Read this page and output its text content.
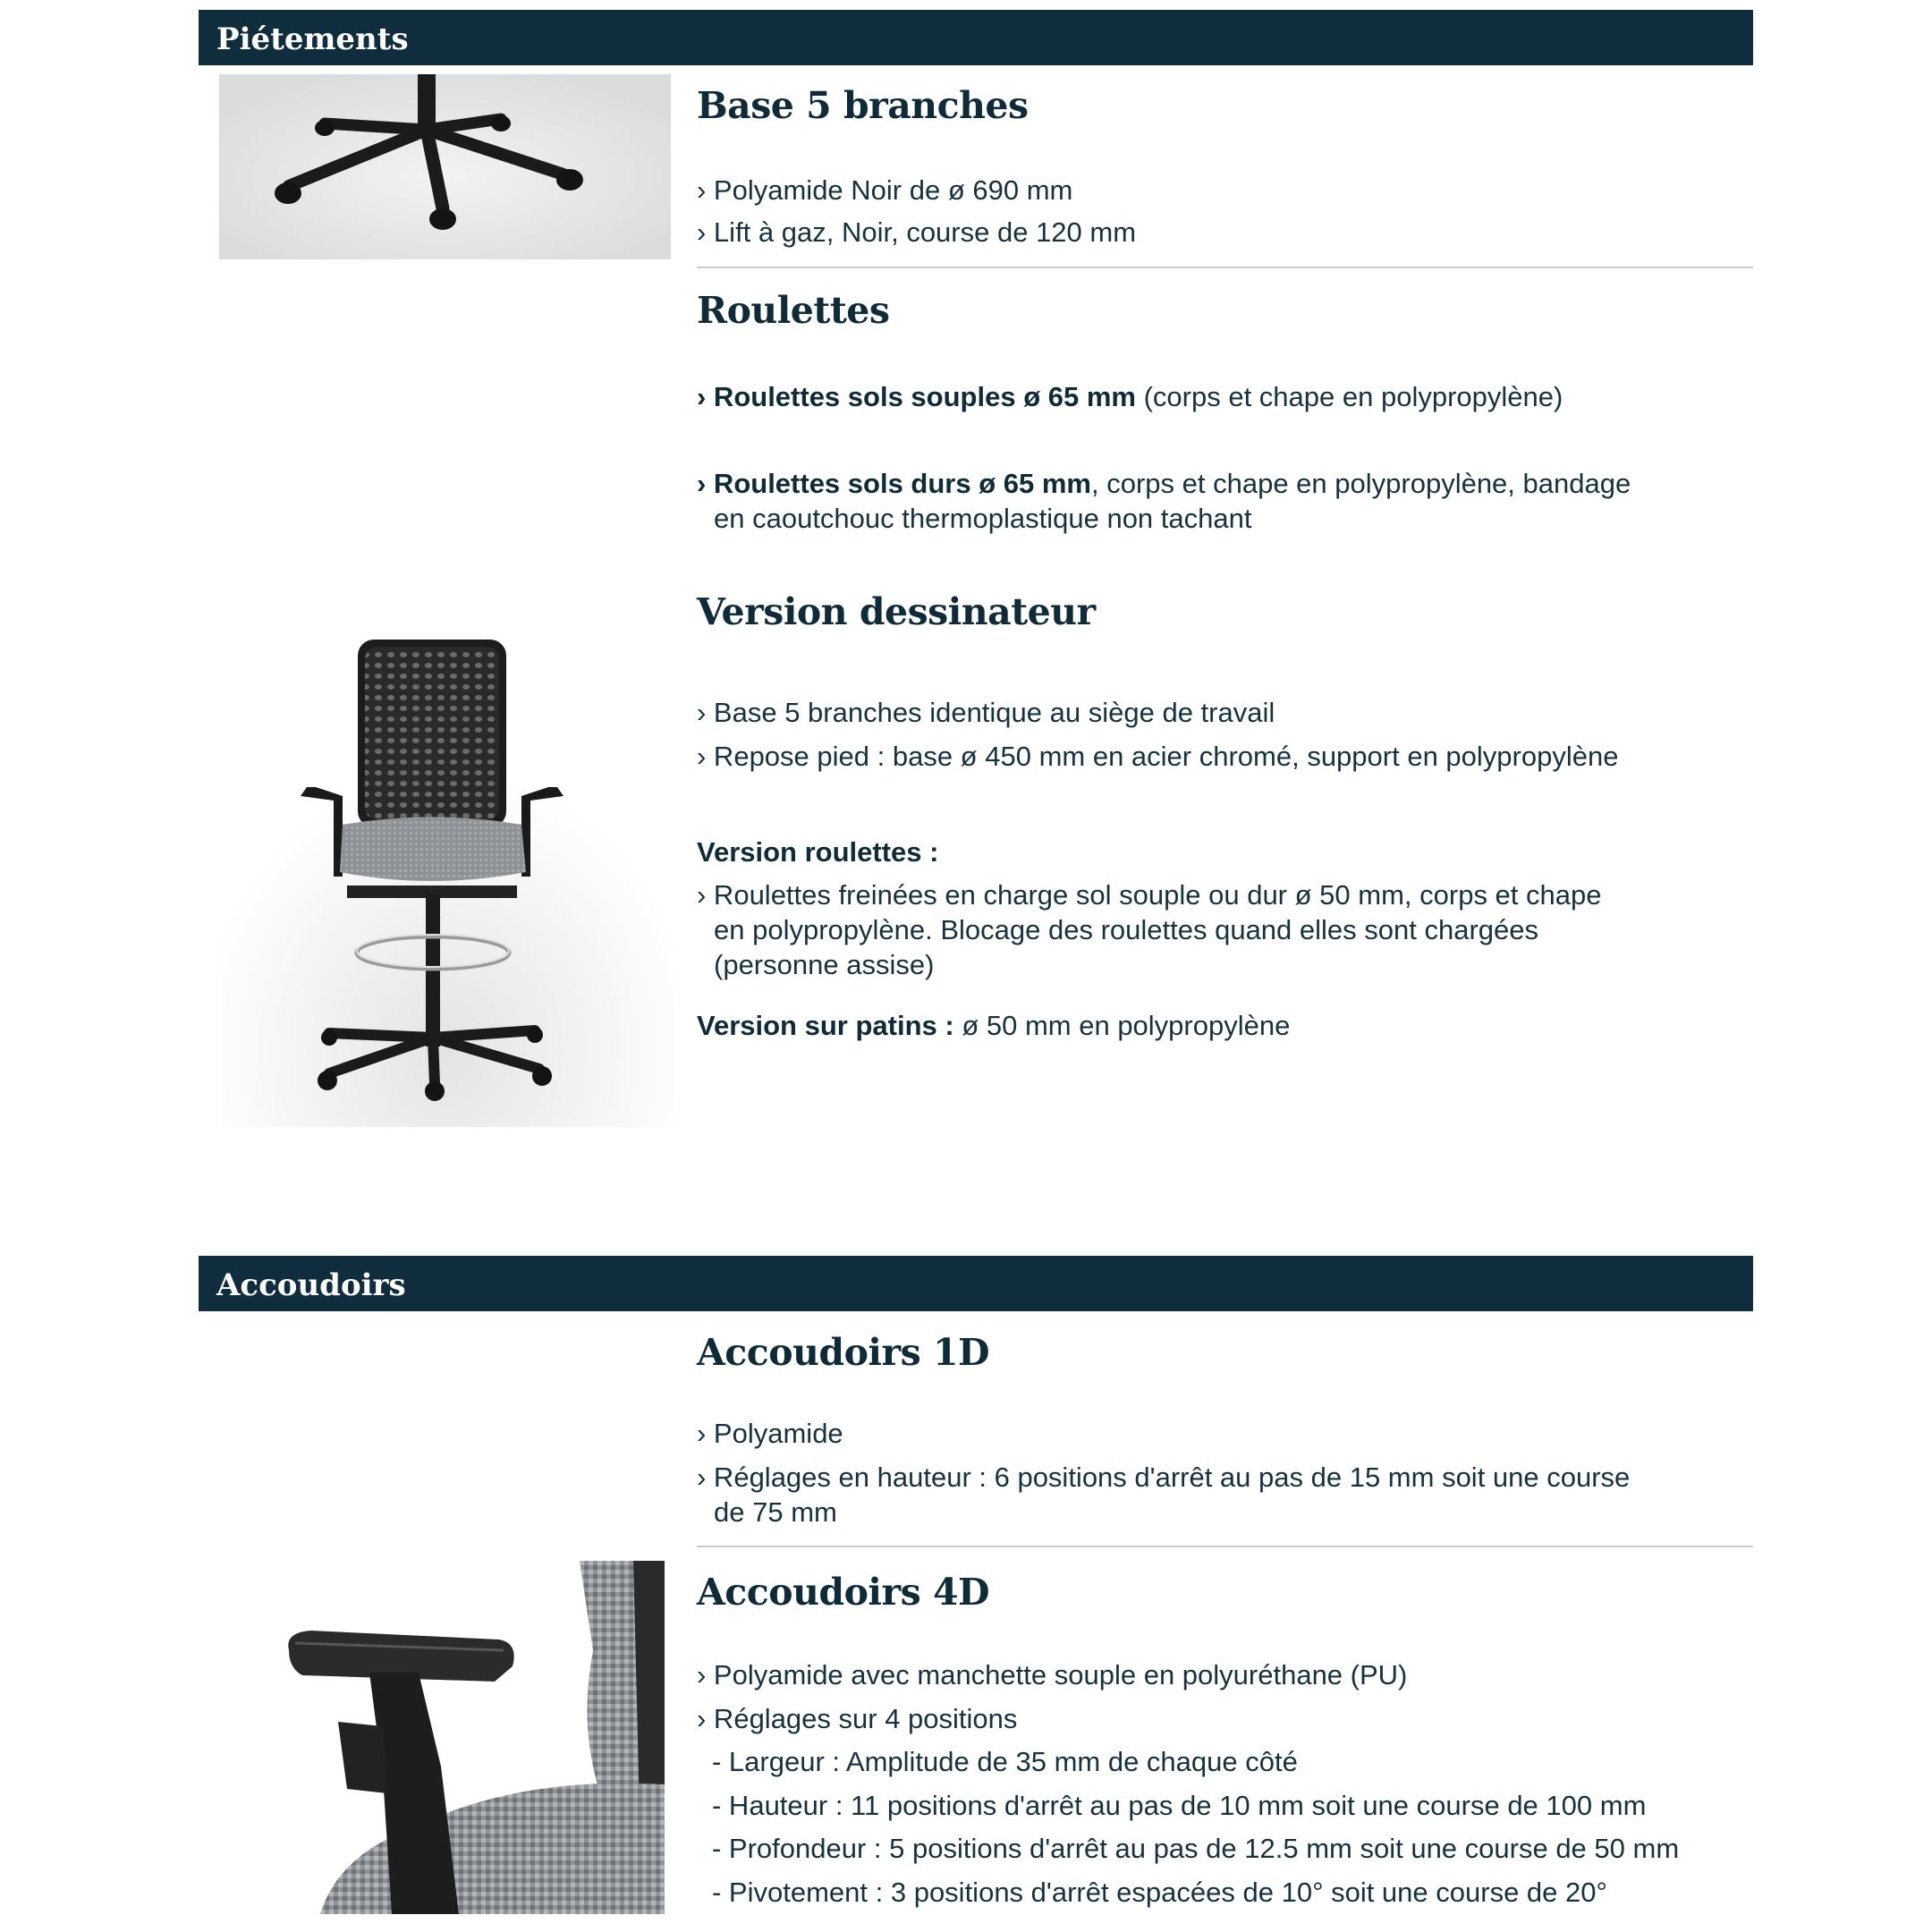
Piétements
Base 5 branches
› Polyamide Noir de ø 690 mm
› Lift à gaz, Noir, course de 120 mm
Roulettes
› Roulettes sols souples ø 65 mm (corps et chape en polypropylène)
› Roulettes sols durs ø 65 mm, corps et chape en polypropylène, bandage
en caoutchouc thermoplastique non tachant
Version dessinateur
› Base 5 branches identique au siège de travail
› Repose pied : base ø 450 mm en acier chromé, support en polypropylène
Version roulettes :
› Roulettes freinées en charge sol souple ou dur ø 50 mm, corps et chape
en polypropylène. Blocage des roulettes quand elles sont chargées
(personne assise)
Version sur patins : ø 50 mm en polypropylène
Accoudoirs
Accoudoirs 1D
› Polyamide
› Réglages en hauteur : 6 positions d'arrêt au pas de 15 mm soit une course
de 75 mm
Accoudoirs 4D
› Polyamide avec manchette souple en polyuréthane (PU)
› Réglages sur 4 positions
- Largeur : Amplitude de 35 mm de chaque côté
- Hauteur : 11 positions d'arrêt au pas de 10 mm soit une course de 100 mm
- Profondeur : 5 positions d'arrêt au pas de 12.5 mm soit une course de 50 mm
- Pivotement : 3 positions d'arrêt espacées de 10° soit une course de 20°
